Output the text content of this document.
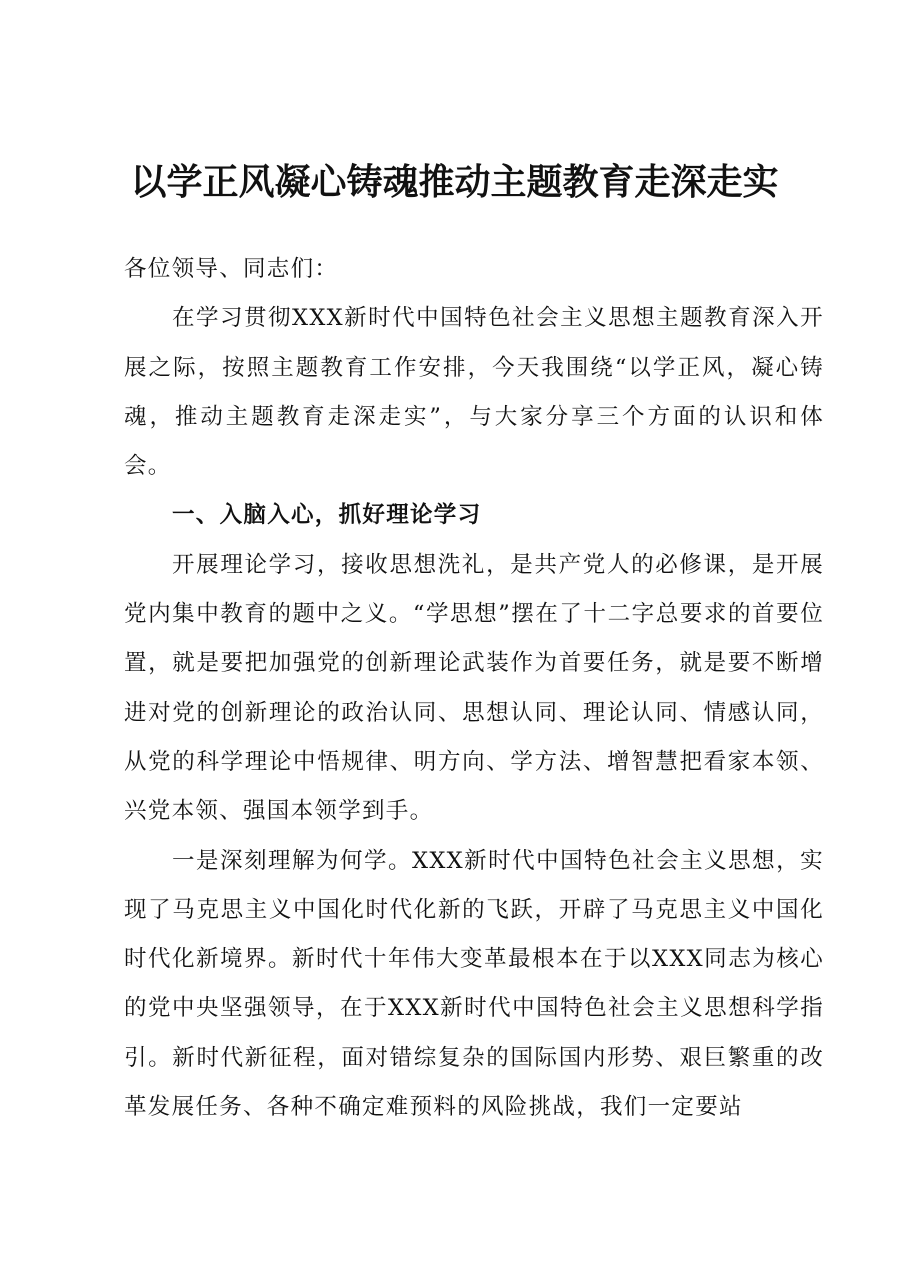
以学正风凝心铸魂推动主题教育走深走实

各位领导、同志们：

在学习贯彻XXX新时代中国特色社会主义思想主题教育深入开展之际，按照主题教育工作安排，今天我围绕“以学正风，凝心铸魂，推动主题教育走深走实”，与大家分享三个方面的认识和体会。

一、入脑入心，抓好理论学习

开展理论学习，接收思想洗礼，是共产党人的必修课，是开展党内集中教育的题中之义。“学思想”摆在了十二字总要求的首要位置，就是要把加强党的创新理论武装作为首要任务，就是要不断增进对党的创新理论的政治认同、思想认同、理论认同、情感认同，从党的科学理论中悟规律、明方向、学方法、增智慧把看家本领、兴党本领、强国本领学到手。

一是深刻理解为何学。XXX新时代中国特色社会主义思想，实现了马克思主义中国化时代化新的飞跃，开辟了马克思主义中国化时代化新境界。新时代十年伟大变革最根本在于以XXX同志为核心的党中央坚强领导，在于XXX新时代中国特色社会主义思想科学指引。新时代新征程，面对错综复杂的国际国内形势、艰巨繁重的改革发展任务、各种不确定难预料的风险挑战，我们一定要站
